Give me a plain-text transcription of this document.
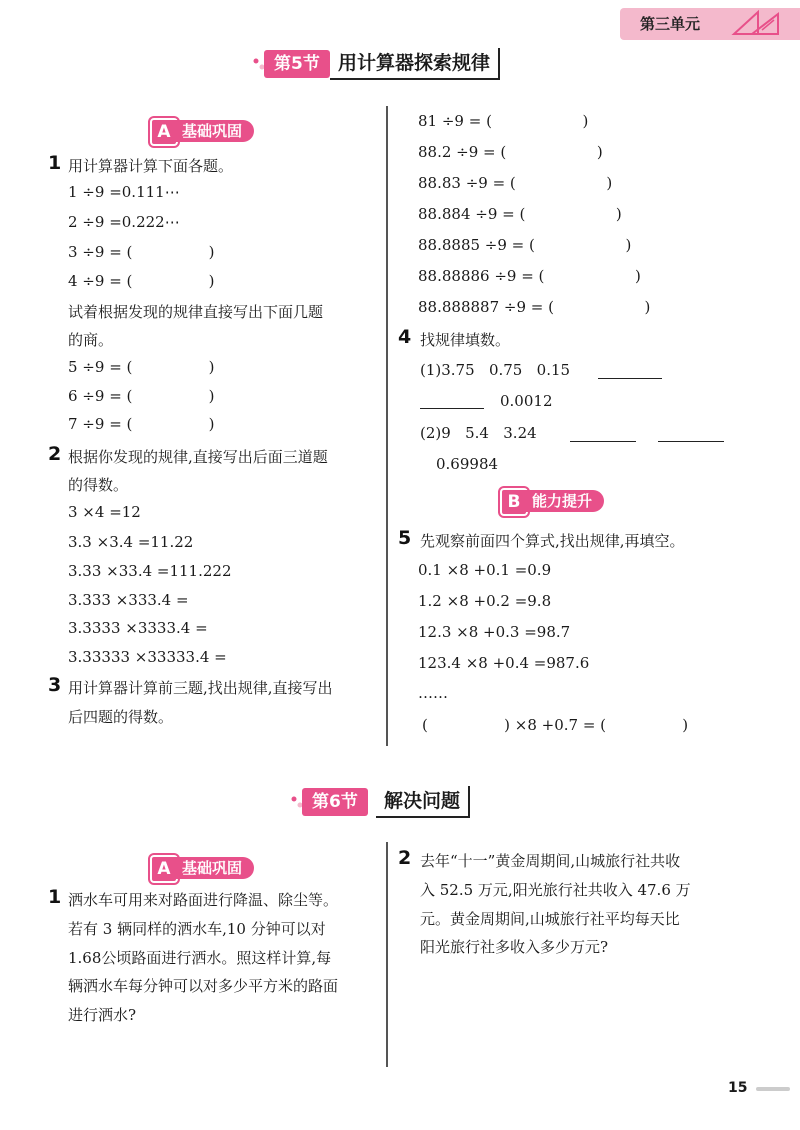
第三单元
第5节 用计算器探索规律
A 基础巩固
1 用计算器计算下面各题。
1 ÷9 =0.111⋯
2 ÷9 =0.222⋯
3 ÷9 = (                )
4 ÷9 = (                )
试着根据发现的规律直接写出下面几题
的商。
5 ÷9 = (                )
6 ÷9 = (                )
7 ÷9 = (                )
2 根据你发现的规律,直接写出后面三道题
的得数。
3 ×4 =12
3.3 ×3.4 =11.22
3.33 ×33.4 =111.222
3.333 ×333.4 =
3.3333 ×3333.4 =
3.33333 ×33333.4 =
3 用计算器计算前三题,找出规律,直接写出
后四题的得数。
81 ÷9 = (                   )
88.2 ÷9 = (                   )
88.83 ÷9 = (                   )
88.884 ÷9 = (                   )
88.8885 ÷9 = (                   )
88.88886 ÷9 = (                   )
88.888887 ÷9 = (                   )
4 找规律填数。
(1)3.75   0.75   0.15
0.0012
(2)9   5.4   3.24
0.69984
B 能力提升
5 先观察前面四个算式,找出规律,再填空。
0.1 ×8 +0.1 =0.9
1.2 ×8 +0.2 =9.8
12.3 ×8 +0.3 =98.7
123.4 ×8 +0.4 =987.6
……
(                ) ×8 +0.7 = (                )
第6节	解决问题
A 基础巩固
1 洒水车可用来对路面进行降温、除尘等。
若有 3 辆同样的洒水车,10 分钟可以对
1.68公顷路面进行洒水。照这样计算,每
辆洒水车每分钟可以对多少平方米的路面
进行洒水?
2 去年“十一”黄金周期间,山城旅行社共收
入 52.5 万元,阳光旅行社共收入 47.6 万
元。黄金周期间,山城旅行社平均每天比
阳光旅行社多收入多少万元?
15
